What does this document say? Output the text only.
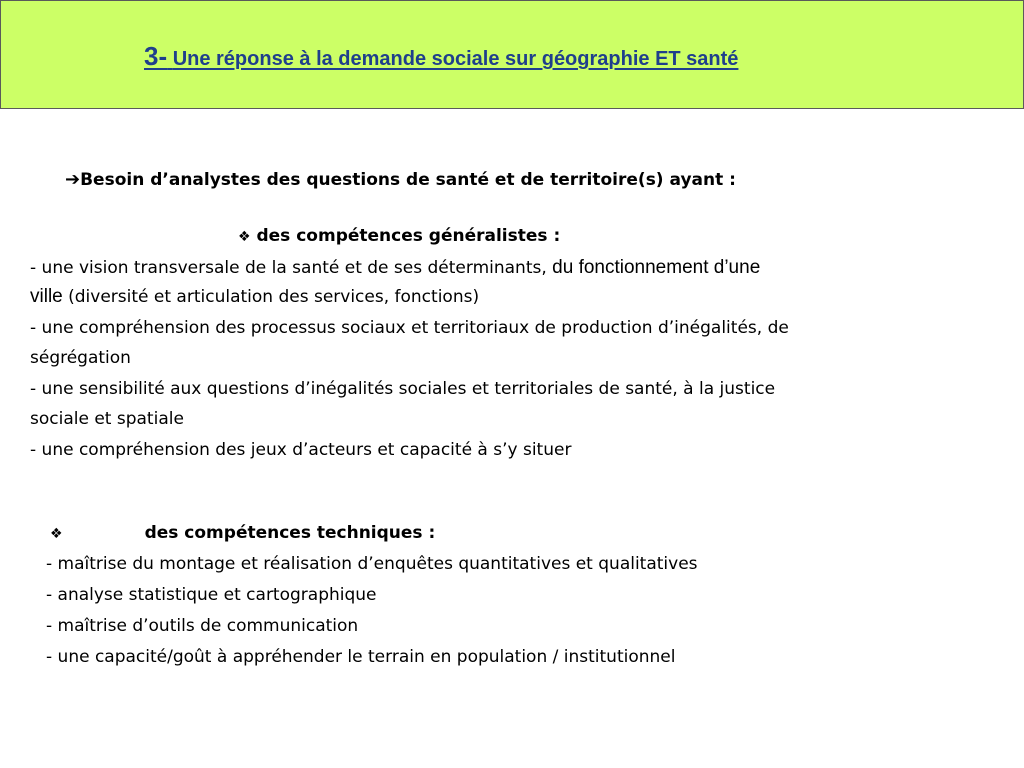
3- Une réponse à la demande sociale sur géographie ET santé

➔Besoin d’analystes des questions de santé et de territoire(s) ayant :

❖ des compétences généralistes :

- une vision transversale de la santé et de ses déterminants, du fonctionnement d’une

ville (diversité et articulation des services, fonctions)

- une compréhension des processus sociaux et territoriaux de production d’inégalités, de

ségrégation

- une sensibilité aux questions d’inégalités sociales et territoriales de santé, à la justice

sociale et spatiale

- une compréhension des jeux d’acteurs et capacité à s’y situer

❖	des compétences techniques :

- maîtrise du montage et réalisation d’enquêtes quantitatives et qualitatives

- analyse statistique et cartographique

- maîtrise d’outils de communication

- une capacité/goût à appréhender le terrain en population / institutionnel
